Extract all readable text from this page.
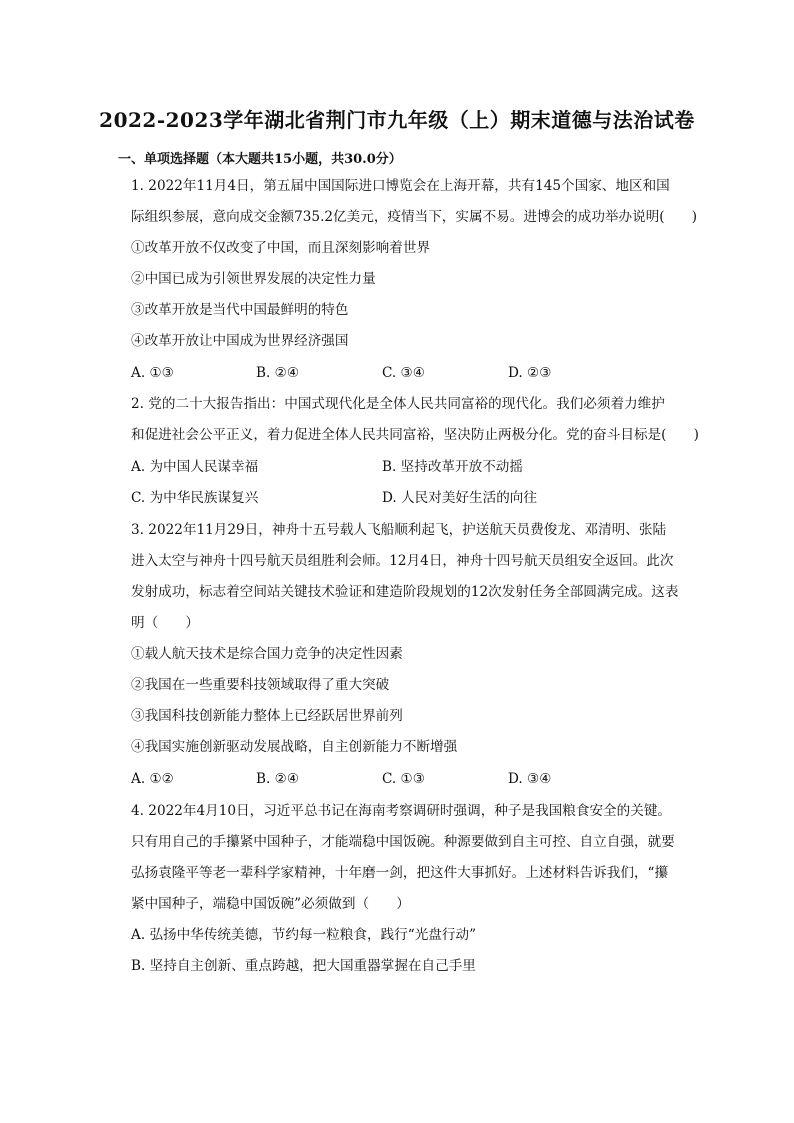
2022-2023学年湖北省荆门市九年级（上）期末道德与法治试卷
一、单项选择题（本大题共15小题，共30.0分）
1. 2022年11月4日，第五届中国国际进口博览会在上海开幕，共有145个国家、地区和国
际组织参展，意向成交金额735.2亿美元，疫情当下，实属不易。进博会的成功举办说明(　　)
①改革开放不仅改变了中国，而且深刻影响着世界
②中国已成为引领世界发展的决定性力量
③改革开放是当代中国最鲜明的特色
④改革开放让中国成为世界经济强国
A. ①③	B. ②④	C. ③④	D. ②③
2. 党的二十大报告指出：中国式现代化是全体人民共同富裕的现代化。我们必须着力维护
和促进社会公平正义，着力促进全体人民共同富裕，坚决防止两极分化。党的奋斗目标是(　　)
A. 为中国人民谋幸福	B. 坚持改革开放不动摇
C. 为中华民族谋复兴	D. 人民对美好生活的向往
3. 2022年11月29日，神舟十五号载人飞船顺利起飞，护送航天员费俊龙、邓清明、张陆
进入太空与神舟十四号航天员组胜利会师。12月4日，神舟十四号航天员组安全返回。此次
发射成功，标志着空间站关键技术验证和建造阶段规划的12次发射任务全部圆满完成。这表
明（　　）
①载人航天技术是综合国力竞争的决定性因素
②我国在一些重要科技领域取得了重大突破
③我国科技创新能力整体上已经跃居世界前列
④我国实施创新驱动发展战略，自主创新能力不断增强
A. ①②	B. ②④	C. ①③	D. ③④
4. 2022年4月10日，习近平总书记在海南考察调研时强调，种子是我国粮食安全的关键。
只有用自己的手攥紧中国种子，才能端稳中国饭碗。种源要做到自主可控、自立自强，就要
弘扬袁隆平等老一辈科学家精神，十年磨一剑，把这件大事抓好。上述材料告诉我们，“攥
紧中国种子，端稳中国饭碗”必须做到（　　）
A. 弘扬中华传统美德，节约每一粒粮食，践行“光盘行动”
B. 坚持自主创新、重点跨越，把大国重器掌握在自己手里
